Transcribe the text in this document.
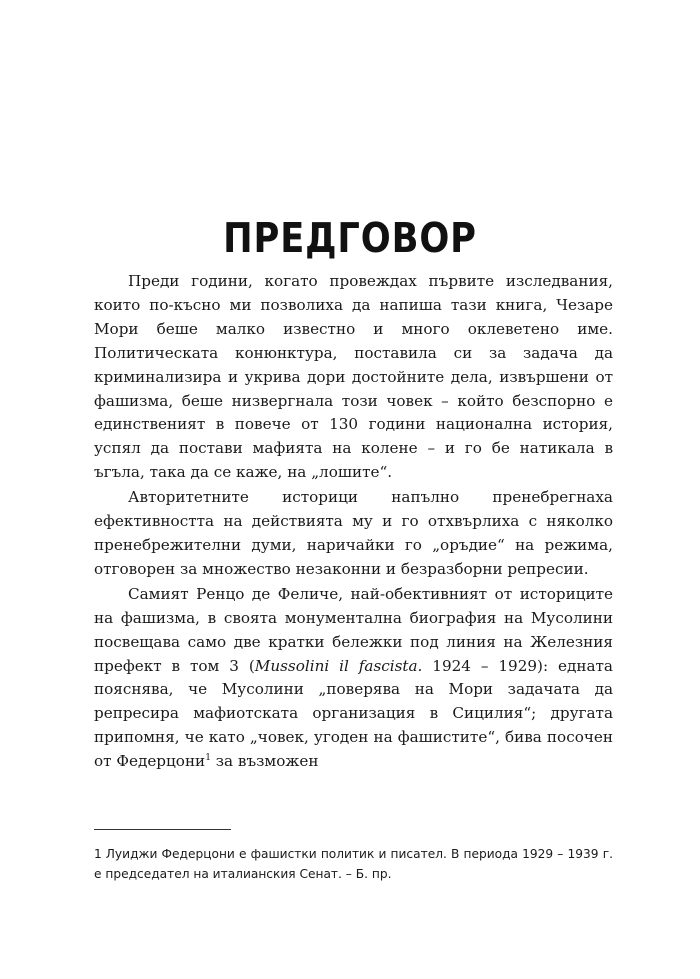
ПРЕДГОВОР

Преди години, когато провеждах първите изследвания, които по-късно ми позволиха да напиша тази книга, Чезаре Мори беше малко известно и много оклеветено име. Политическата конюнктура, поставила си за задача да криминализира и укрива дори достойните дела, извършени от фашизма, беше низвергнала този човек – който безспорно е единственият в повече от 130 години национална история, успял да постави мафията на колене – и го бе натикала в ъгъла, така да се каже, на „лошите“.

Авторитетните историци напълно пренебрегнаха ефективността на действията му и го отхвърлиха с няколко пренебрежителни думи, наричайки го „оръдие“ на режима, отговорен за множество незаконни и безразборни репресии.

Самият Ренцо де Феличе, най-обективният от историците на фашизма, в своята монументална биография на Мусолини посвещава само две кратки бележки под линия на Железния префект в том 3 (Mussolini il fascista. 1924 – 1929): едната пояснява, че Мусолини „поверява на Мори задачата да репресира мафиотската организация в Сицилия“; другата припомня, че като „човек, угоден на фашистите“, бива посочен от Федерцони$^1$ за възможен

1 Луиджи Федерцони е фашистки политик и писател. В периода 1929 – 1939 г. е председател на италианския Сенат. – Б. пр.
